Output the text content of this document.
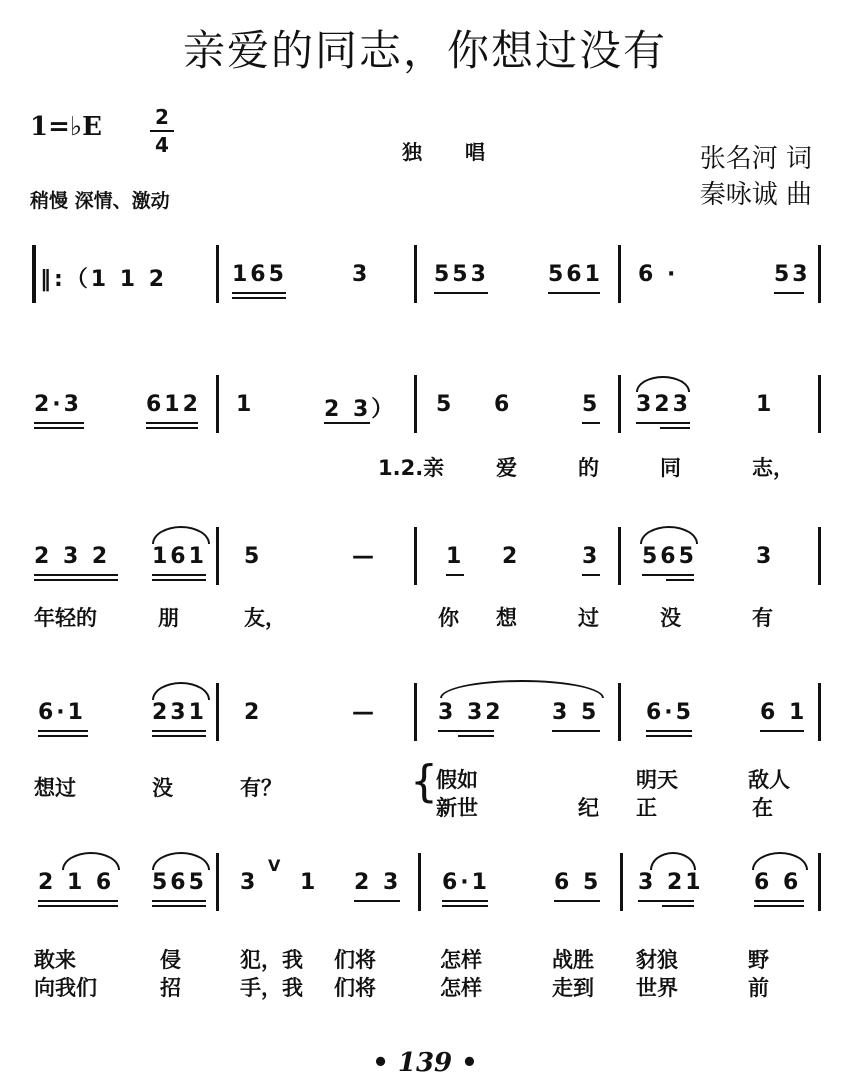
亲爱的同志，你想过没有
1=♭E	2
4	独 唱	张名河 词
秦咏诚 曲
稍慢 深情、激动
‖:（1 1 2	165	3	553	561 6 ·	53
2·3	612 1	2 3） 5 6	5 323	1
1.2.亲 爱	的	同	志，
2 3 2 161 5	—	1 2	3 565	3
年轻的	朋	友，	你 想	过	没	有
6·1	231 2	—	3 32 3 5 6·5	6 1
想过	没	有？	{
假如	明天	敌人
新世	纪 正	在
2 1 6 565 3
V
1 2 3 6·1	6 5 3 21 6 6
敢来	侵	犯，我 们将	怎样	战胜 豺狼	野
向我们	招	手，我 们将	怎样	走到 世界	前
• 139 •
